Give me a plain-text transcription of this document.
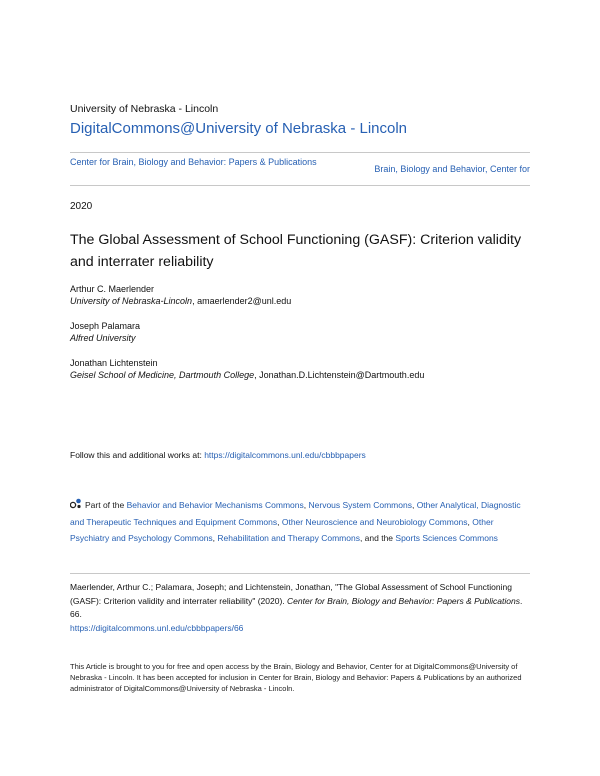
University of Nebraska - Lincoln
DigitalCommons@University of Nebraska - Lincoln
Center for Brain, Biology and Behavior: Papers & Publications
Brain, Biology and Behavior, Center for
2020
The Global Assessment of School Functioning (GASF): Criterion validity and interrater reliability
Arthur C. Maerlender
University of Nebraska-Lincoln, amaerlender2@unl.edu
Joseph Palamara
Alfred University
Jonathan Lichtenstein
Geisel School of Medicine, Dartmouth College, Jonathan.D.Lichtenstein@Dartmouth.edu
Follow this and additional works at: https://digitalcommons.unl.edu/cbbbpapers
Part of the Behavior and Behavior Mechanisms Commons, Nervous System Commons, Other Analytical, Diagnostic and Therapeutic Techniques and Equipment Commons, Other Neuroscience and Neurobiology Commons, Other Psychiatry and Psychology Commons, Rehabilitation and Therapy Commons, and the Sports Sciences Commons
Maerlender, Arthur C.; Palamara, Joseph; and Lichtenstein, Jonathan, "The Global Assessment of School Functioning (GASF): Criterion validity and interrater reliability" (2020). Center for Brain, Biology and Behavior: Papers & Publications. 66.
https://digitalcommons.unl.edu/cbbbpapers/66
This Article is brought to you for free and open access by the Brain, Biology and Behavior, Center for at DigitalCommons@University of Nebraska - Lincoln. It has been accepted for inclusion in Center for Brain, Biology and Behavior: Papers & Publications by an authorized administrator of DigitalCommons@University of Nebraska - Lincoln.
